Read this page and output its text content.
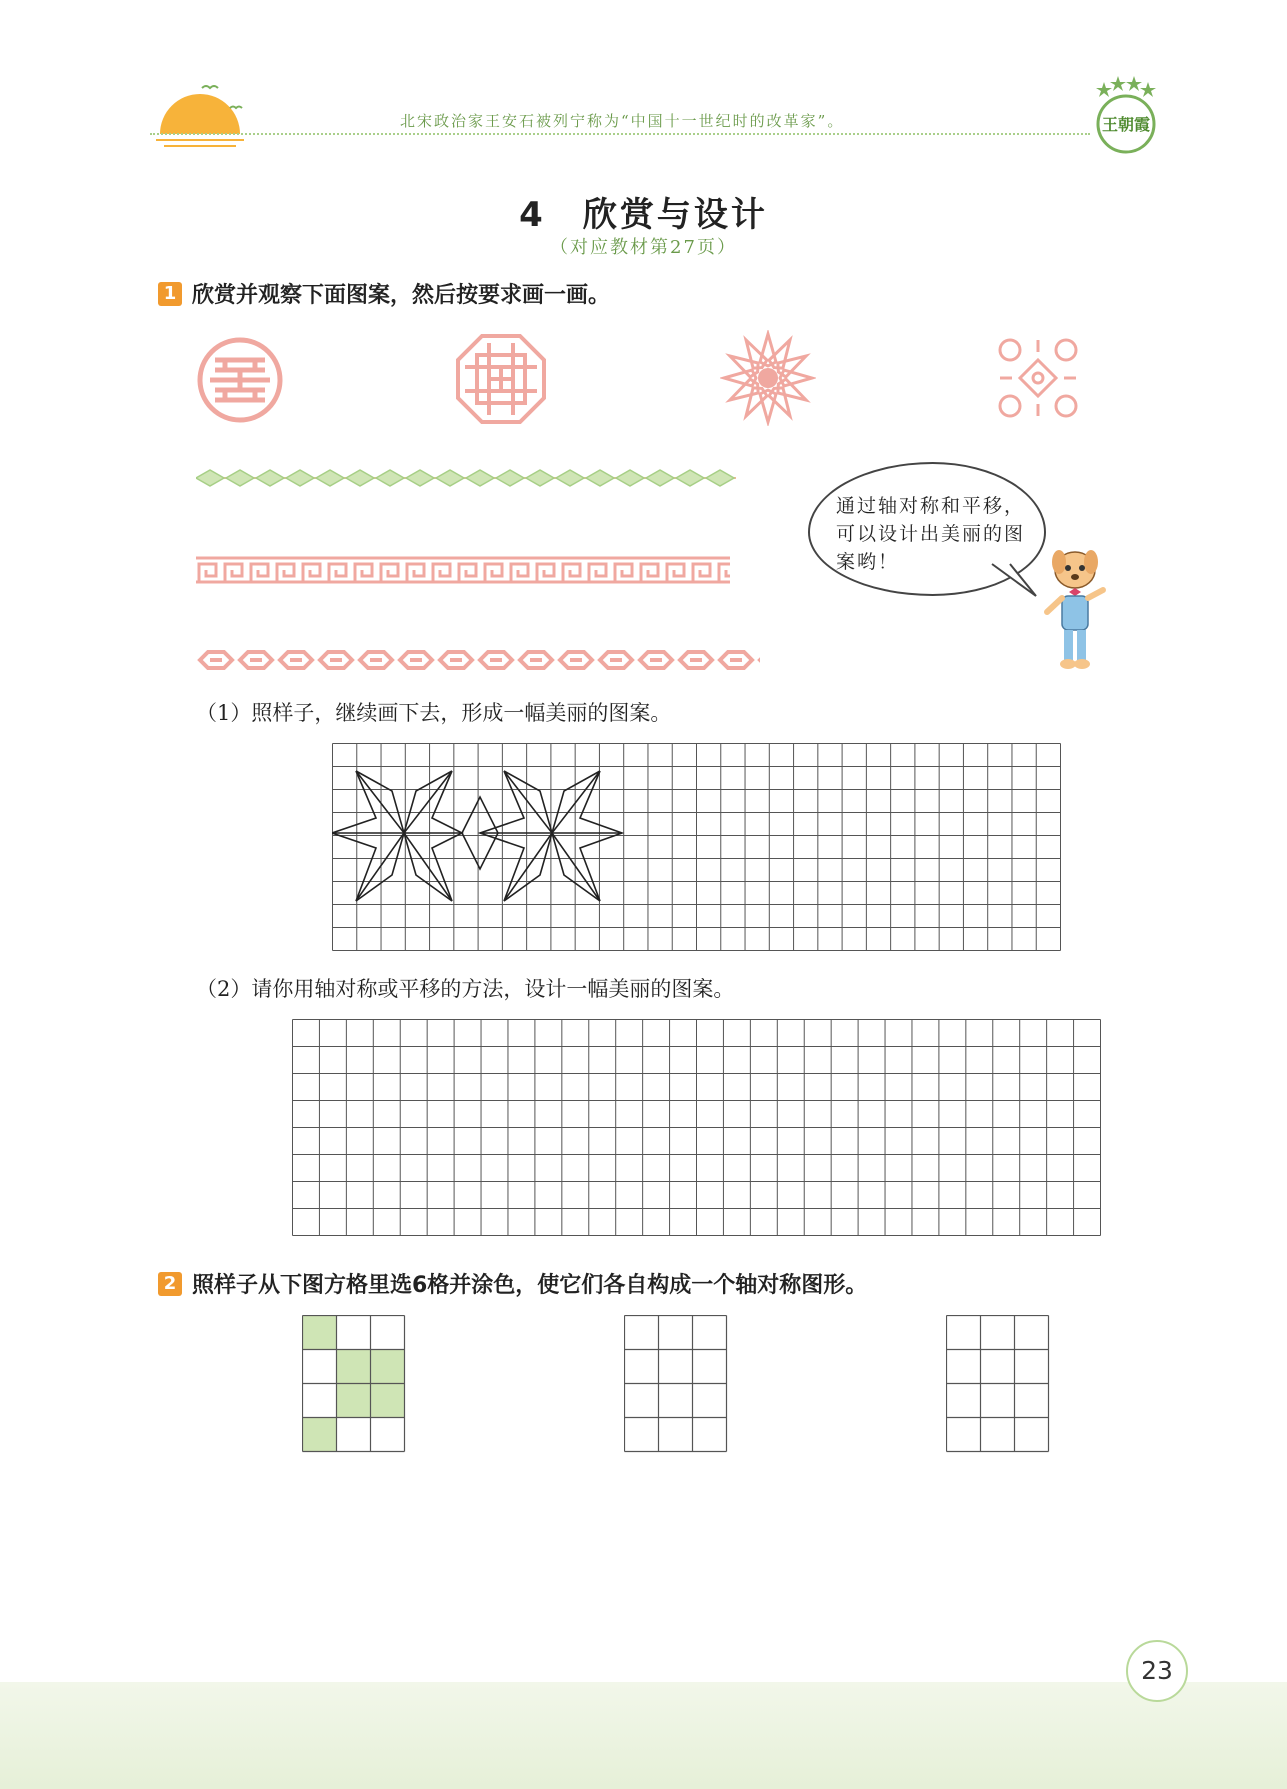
北宋政治家王安石被列宁称为“中国十一世纪时的改革家”。	王朝霞
4　欣赏与设计
（对应教材第27页）
1 欣赏并观察下面图案，然后按要求画一画。
通过轴对称和平移，可以设计出美丽的图案哟！
（1）照样子，继续画下去，形成一幅美丽的图案。
（2）请你用轴对称或平移的方法，设计一幅美丽的图案。
2 照样子从下图方格里选6格并涂色，使它们各自构成一个轴对称图形。
23
